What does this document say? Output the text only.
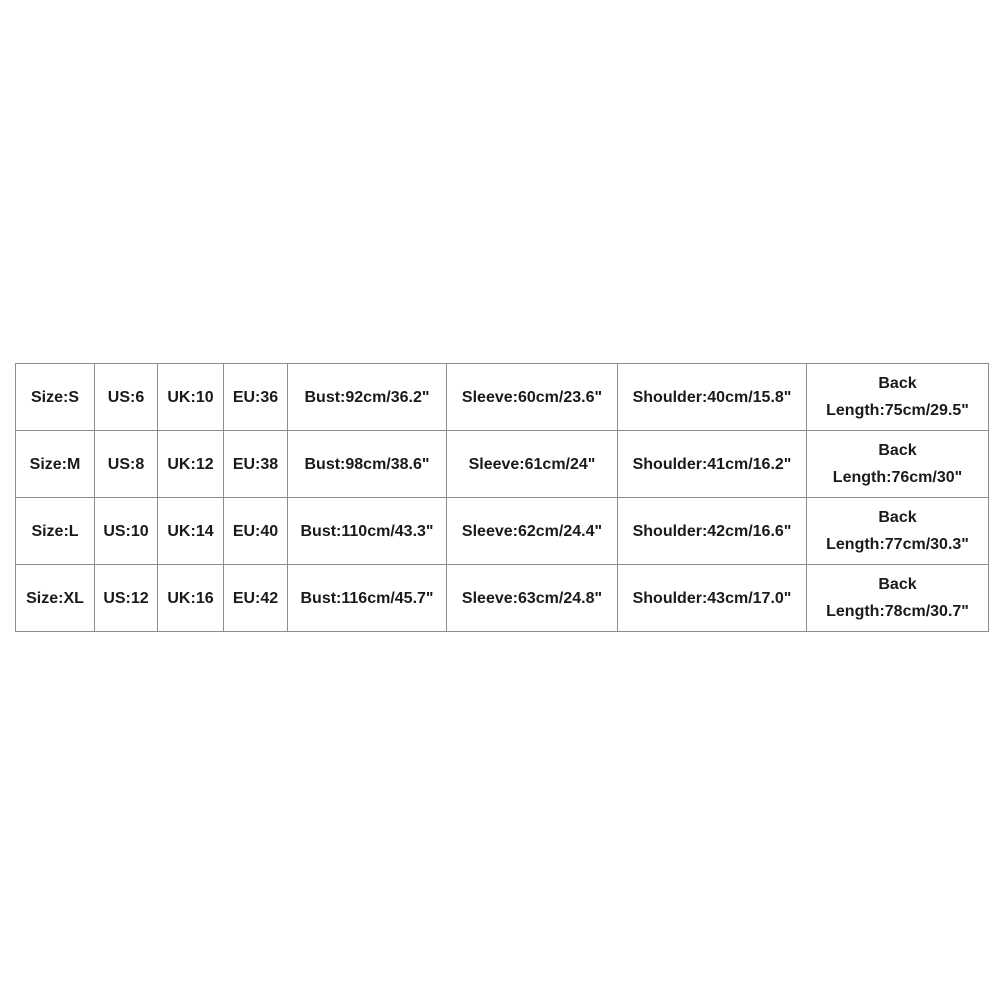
Size:S	US:6	UK:10	EU:36	Bust:92cm/36.2"	Sleeve:60cm/23.6"	Shoulder:40cm/15.8"	Back
Length:75cm/29.5"

Size:M	US:8	UK:12	EU:38	Bust:98cm/38.6"	Sleeve:61cm/24"	Shoulder:41cm/16.2"	Back
Length:76cm/30"

Size:L	US:10	UK:14	EU:40	Bust:110cm/43.3"	Sleeve:62cm/24.4"	Shoulder:42cm/16.6"	Back
Length:77cm/30.3"

Size:XL	US:12	UK:16	EU:42	Bust:116cm/45.7"	Sleeve:63cm/24.8"	Shoulder:43cm/17.0"	Back
Length:78cm/30.7"
